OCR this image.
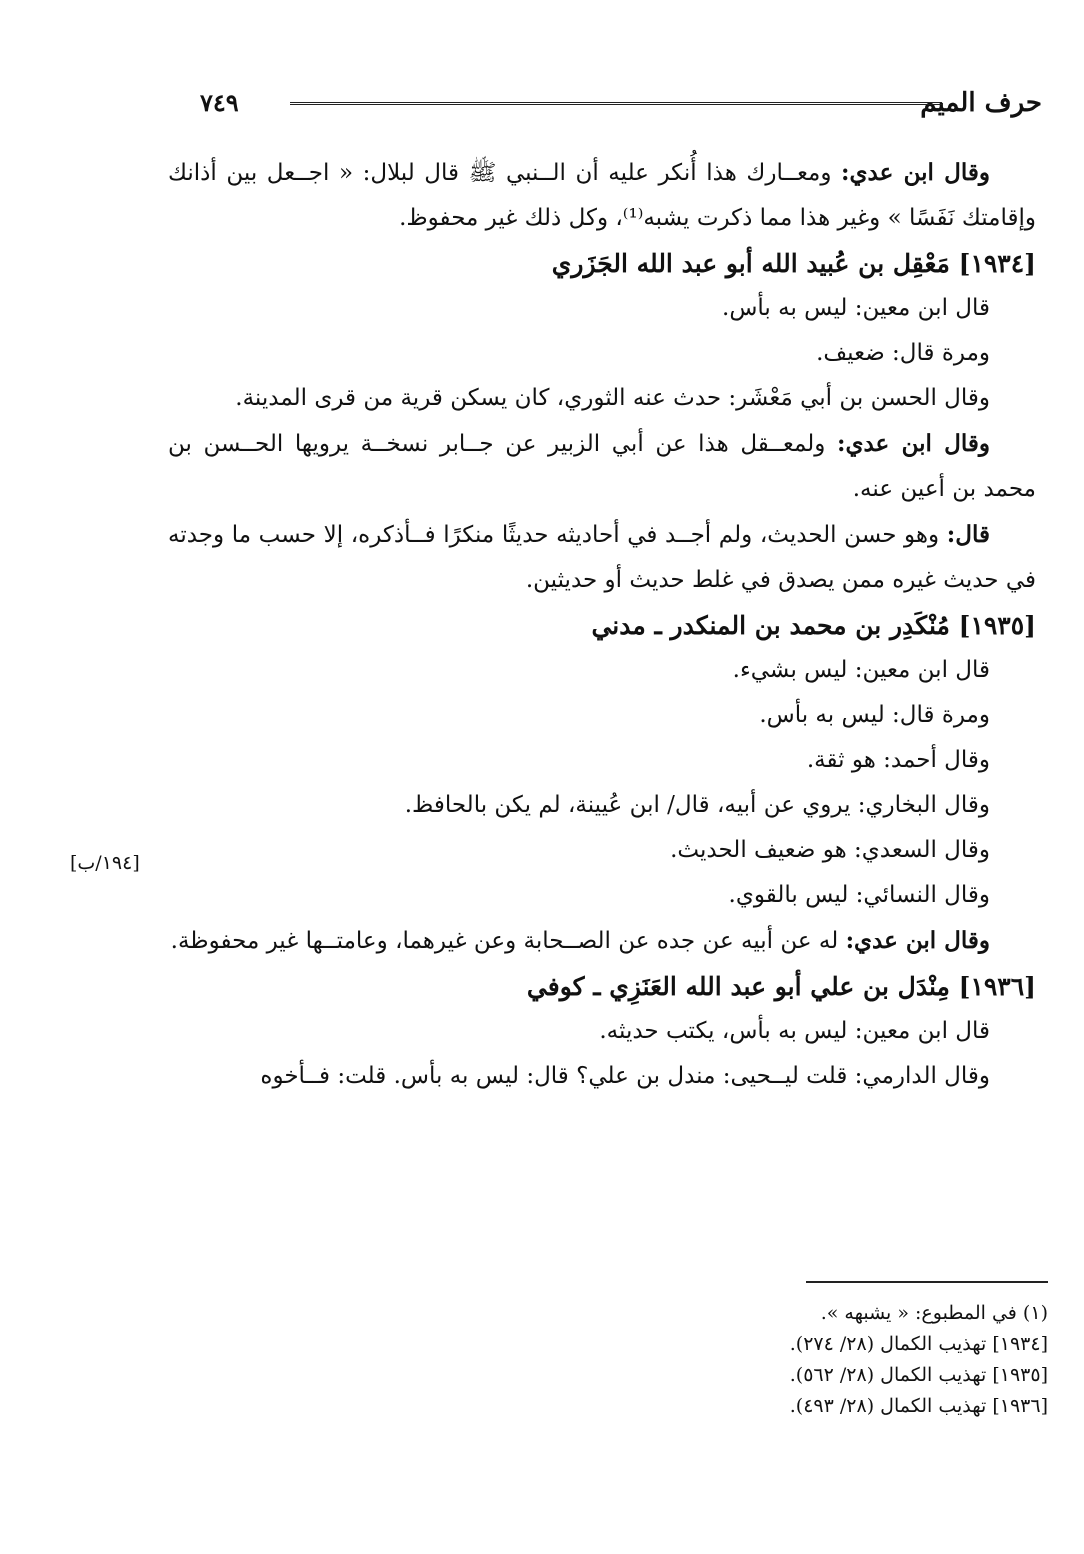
حرف الميم
٧٤٩
[١٩٤/ب]

وقال ابن عدي: ومعــارك هذا أُنكر عليه أن الــنبي ﷺ قال لبلال: « اجــعل بين أذانك وإقامتك نَفَسًا » وغير هذا مما ذكرت يشبه⁽¹⁾، وكل ذلك غير محفوظ.

[١٩٣٤] مَعْقِل بن عُبيد الله أبو عبد الله الجَزَري

قال ابن معين: ليس به بأس.

ومرة قال: ضعيف.

وقال الحسن بن أبي مَعْشَر: حدث عنه الثوري، كان يسكن قرية من قرى المدينة.

وقال ابن عدي: ولمعــقل هذا عن أبي الزبير عن جــابر نسخــة يرويها الحــسن بن محمد بن أعين عنه.

قال: وهو حسن الحديث، ولم أجــد في أحاديثه حديثًا منكرًا فــأذكره، إلا حسب ما وجدته في حديث غيره ممن يصدق في غلط حديث أو حديثين.

[١٩٣٥] مُنْكَدِر بن محمد بن المنكدر ـ مدني

قال ابن معين: ليس بشيء.

ومرة قال: ليس به بأس.

وقال أحمد: هو ثقة.

وقال البخاري: يروي عن أبيه، قال/ ابن عُيينة، لم يكن بالحافظ.

وقال السعدي: هو ضعيف الحديث.

وقال النسائي: ليس بالقوي.

وقال ابن عدي: له عن أبيه عن جده عن الصــحابة وعن غيرهما، وعامتــها غير محفوظة.

[١٩٣٦] مِنْدَل بن علي أبو عبد الله العَنَزِي ـ كوفي

قال ابن معين: ليس به بأس، يكتب حديثه.

وقال الدارمي: قلت ليــحيى: مندل بن علي؟ قال: ليس به بأس. قلت: فــأخوه

(١) في المطبوع: « يشبهه ».

[١٩٣٤] تهذيب الكمال (٢٨/ ٢٧٤).

[١٩٣٥] تهذيب الكمال (٢٨/ ٥٦٢).

[١٩٣٦] تهذيب الكمال (٢٨/ ٤٩٣).
